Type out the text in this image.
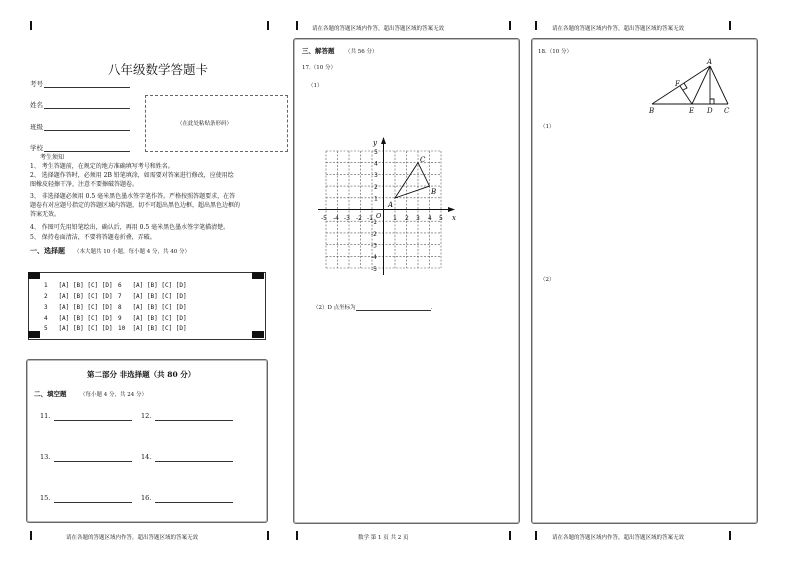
请在各题的答题区域内作答，超出答题区域的答案无效	请在各题的答题区域内作答，超出答题区域的答案无效
请在各题的答题区域内作答，超出答题区域的答案无效	数学 第 1 页 共 2 页	请在各题的答题区域内作答，超出答题区域的答案无效
八年级数学答题卡
考号
姓名
班级
学校
（在此处粘贴条形码）
考生须知
1、 考生答题前，在规定的地方准确填写考号和姓名。
2、 选择题作答时，必须用 2B 铅笔填涂，如需要对答案进行修改，应使用绘
图橡皮轻擦干净，注意不要擦破答题卷。
3、 非选择题必须用 0.5 毫米黑色墨水签字笔作答。严格按照答题要求，在答
题卷有对应题号指定的答题区域内答题，切不可超出黑色边框，超出黑色边框的
答案无效。
4、 作图可先用铅笔绘出，确认后，再用 0.5 毫米黑色墨水签字笔描清楚。
5、 保持卷面清洁，不要将答题卷折叠，弄破。
一、选择题 （本大题共 10 小题，每小题 4 分，共 40 分）
1   [A] [B] [C] [D]
2   [A] [B] [C] [D]
3   [A] [B] [C] [D]
4   [A] [B] [C] [D]
5   [A] [B] [C] [D]
6   [A] [B] [C] [D]
7   [A] [B] [C] [D]
8   [A] [B] [C] [D]
9   [A] [B] [C] [D]
10  [A] [B] [C] [D]
第二部分 非选择题（共 80 分）
二、填空题 （每小题 4 分，共 24 分）
11.	12.
13.	14.
15.	16.
三、解答题 （共 56 分）
17.（10 分）
（1）
x
y
O
-5 -4 -3 -2 -1	1 2 3 4 5
5
4
3
2
1
-1
-2
-3
-4
-5
A
B
C
（2）D 点坐标为	.
18.（10 分）
A
F
B	E D C
（1）
（2）
